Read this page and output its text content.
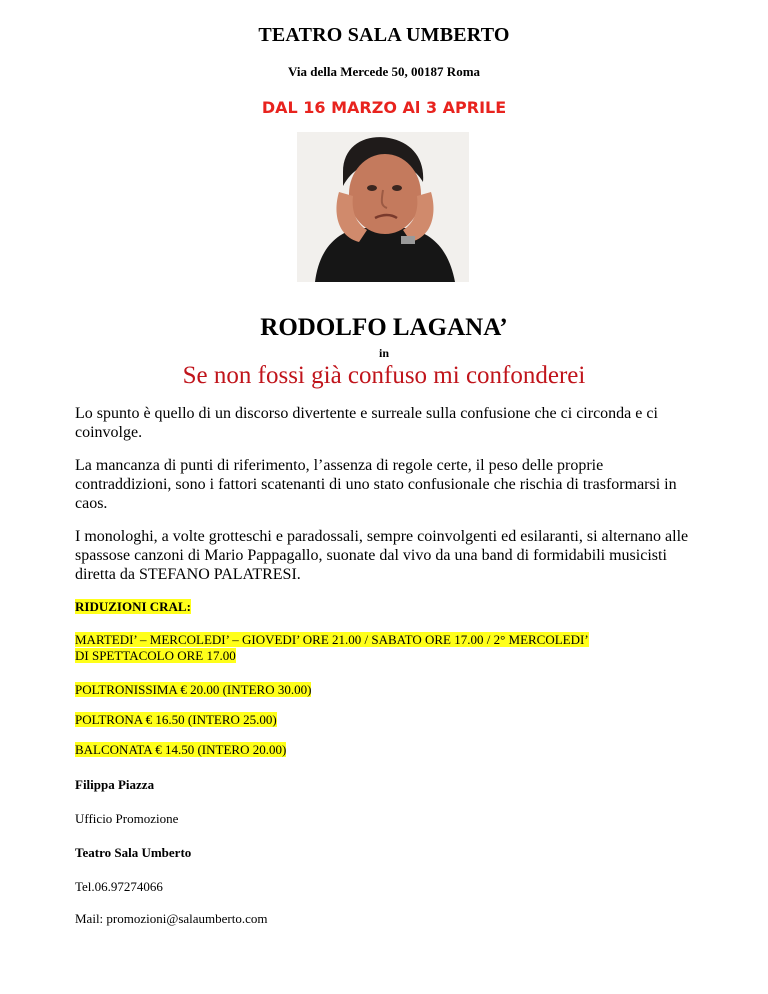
TEATRO SALA UMBERTO
Via della Mercede 50, 00187 Roma
DAL 16 MARZO Al 3 APRILE
RODOLFO LAGANA’
in
Se non fossi già confuso mi confonderei
Lo spunto è quello di un discorso divertente e surreale sulla confusione che ci circonda e ci coinvolge.
La mancanza di punti di riferimento, l’assenza di regole certe, il peso delle proprie contraddizioni, sono i fattori scatenanti di uno stato confusionale che rischia di trasformarsi in caos.
I monologhi, a volte grotteschi e paradossali, sempre coinvolgenti ed esilaranti, si alternano alle spassose canzoni di Mario Pappagallo, suonate dal vivo da una band di formidabili musicisti diretta da STEFANO PALATRESI.
RIDUZIONI CRAL:
MARTEDI’ – MERCOLEDI’ – GIOVEDI’ ORE 21.00 / SABATO ORE 17.00 / 2° MERCOLEDI’
DI SPETTACOLO ORE 17.00
POLTRONISSIMA € 20.00 (INTERO 30.00)
POLTRONA € 16.50 (INTERO 25.00)
BALCONATA € 14.50 (INTERO 20.00)
Filippa Piazza
Ufficio Promozione
Teatro Sala Umberto
Tel.06.97274066
Mail: promozioni@salaumberto.com
